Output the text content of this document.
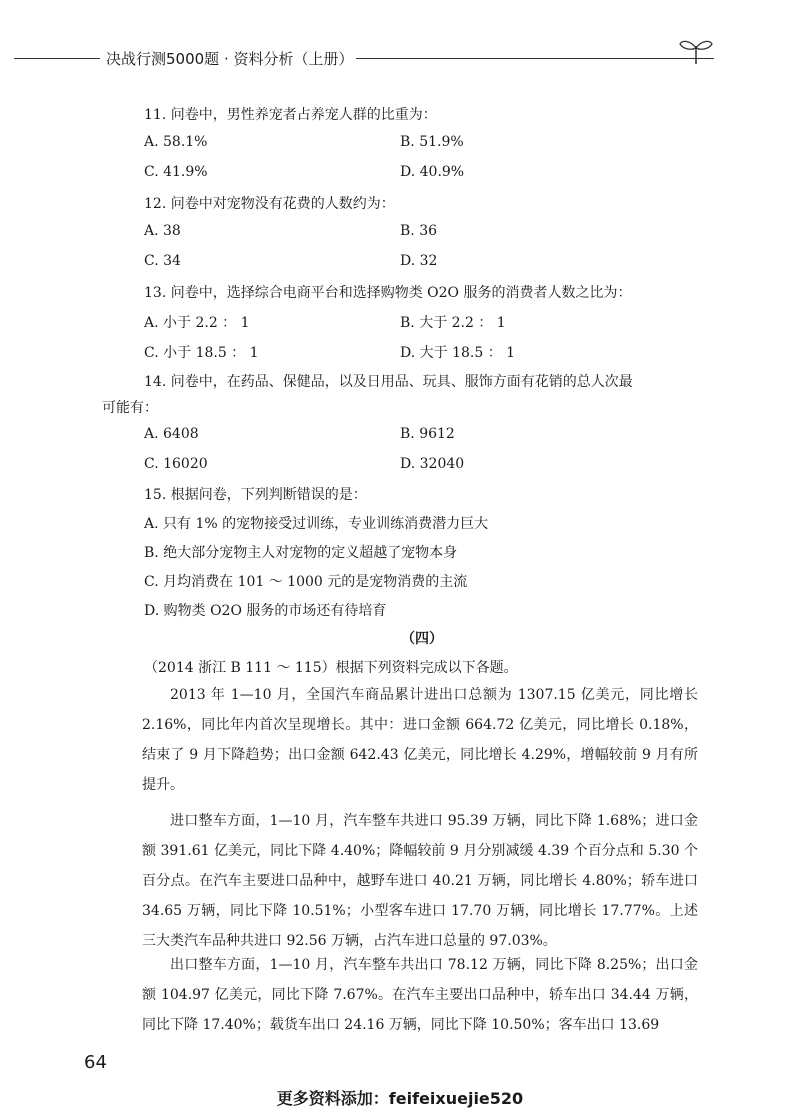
决战行测5000题 · 资料分析（上册）
11. 问卷中，男性养宠者占养宠人群的比重为：
A. 58.1%	B. 51.9%
C. 41.9%	D. 40.9%
12. 问卷中对宠物没有花费的人数约为：
A. 38	B. 36
C. 34	D. 32
13. 问卷中，选择综合电商平台和选择购物类 O2O 服务的消费者人数之比为：
A. 小于 2.2 ： 1	B. 大于 2.2 ： 1
C. 小于 18.5 ： 1	D. 大于 18.5 ： 1
14. 问卷中，在药品、保健品，以及日用品、玩具、服饰方面有花销的总人次最
可能有：
A. 6408	B. 9612
C. 16020	D. 32040
15. 根据问卷，下列判断错误的是：
A. 只有 1% 的宠物接受过训练，专业训练消费潜力巨大
B. 绝大部分宠物主人对宠物的定义超越了宠物本身
C. 月均消费在 101 ～ 1000 元的是宠物消费的主流
D. 购物类 O2O 服务的市场还有待培育
（四）
（2014 浙江 B 111 ～ 115）根据下列资料完成以下各题。
2013 年 1—10 月，全国汽车商品累计进出口总额为 1307.15 亿美元，同比增长 2.16%，同比年内首次呈现增长。其中：进口金额 664.72 亿美元，同比增长 0.18%，结束了 9 月下降趋势；出口金额 642.43 亿美元，同比增长 4.29%，增幅较前 9 月有所提升。
进口整车方面，1—10 月，汽车整车共进口 95.39 万辆，同比下降 1.68%；进口金额 391.61 亿美元，同比下降 4.40%；降幅较前 9 月分别减缓 4.39 个百分点和 5.30 个百分点。在汽车主要进口品种中，越野车进口 40.21 万辆，同比增长 4.80%；轿车进口 34.65 万辆，同比下降 10.51%；小型客车进口 17.70 万辆，同比增长 17.77%。上述三大类汽车品种共进口 92.56 万辆，占汽车进口总量的 97.03%。
出口整车方面，1—10 月，汽车整车共出口 78.12 万辆，同比下降 8.25%；出口金额 104.97 亿美元，同比下降 7.67%。在汽车主要出口品种中，轿车出口 34.44 万辆，同比下降 17.40%；载货车出口 24.16 万辆，同比下降 10.50%；客车出口 13.69
64
更多资料添加：feifeixuejie520
